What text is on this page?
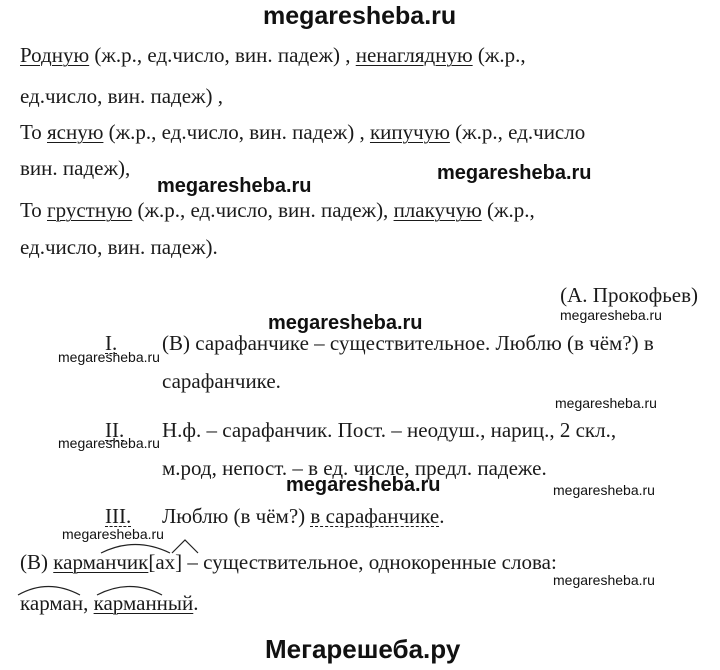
megaresheba.ru
megaresheba.ru
megaresheba.ru
megaresheba.ru
megaresheba.ru
megaresheba.ru
megaresheba.ru
megaresheba.ru
megaresheba.ru	megaresheba.ru
megaresheba.ru
megaresheba.ru
Мегарешеба.ру
Родную (ж.р., ед.число, вин. падеж) , ненаглядную (ж.р.,
ед.число, вин. падеж) ,
То ясную (ж.р., ед.число, вин. падеж) , кипучую (ж.р., ед.число
вин. падеж),
То грустную (ж.р., ед.число, вин. падеж), плакучую (ж.р.,
ед.число, вин. падеж).
(А. Прокофьев)
I. (В) сарафанчике – существительное. Люблю (в чём?) в
сарафанчике.
II. Н.ф. – сарафанчик. Пост. – неодуш., нариц., 2 скл.,
м.род, непост. – в ед. числе, предл. падеже.
III. Люблю (в чём?) в сарафанчике.
(В) карманчик[ах] – существительное, однокоренные слова:
карман, карманный.
